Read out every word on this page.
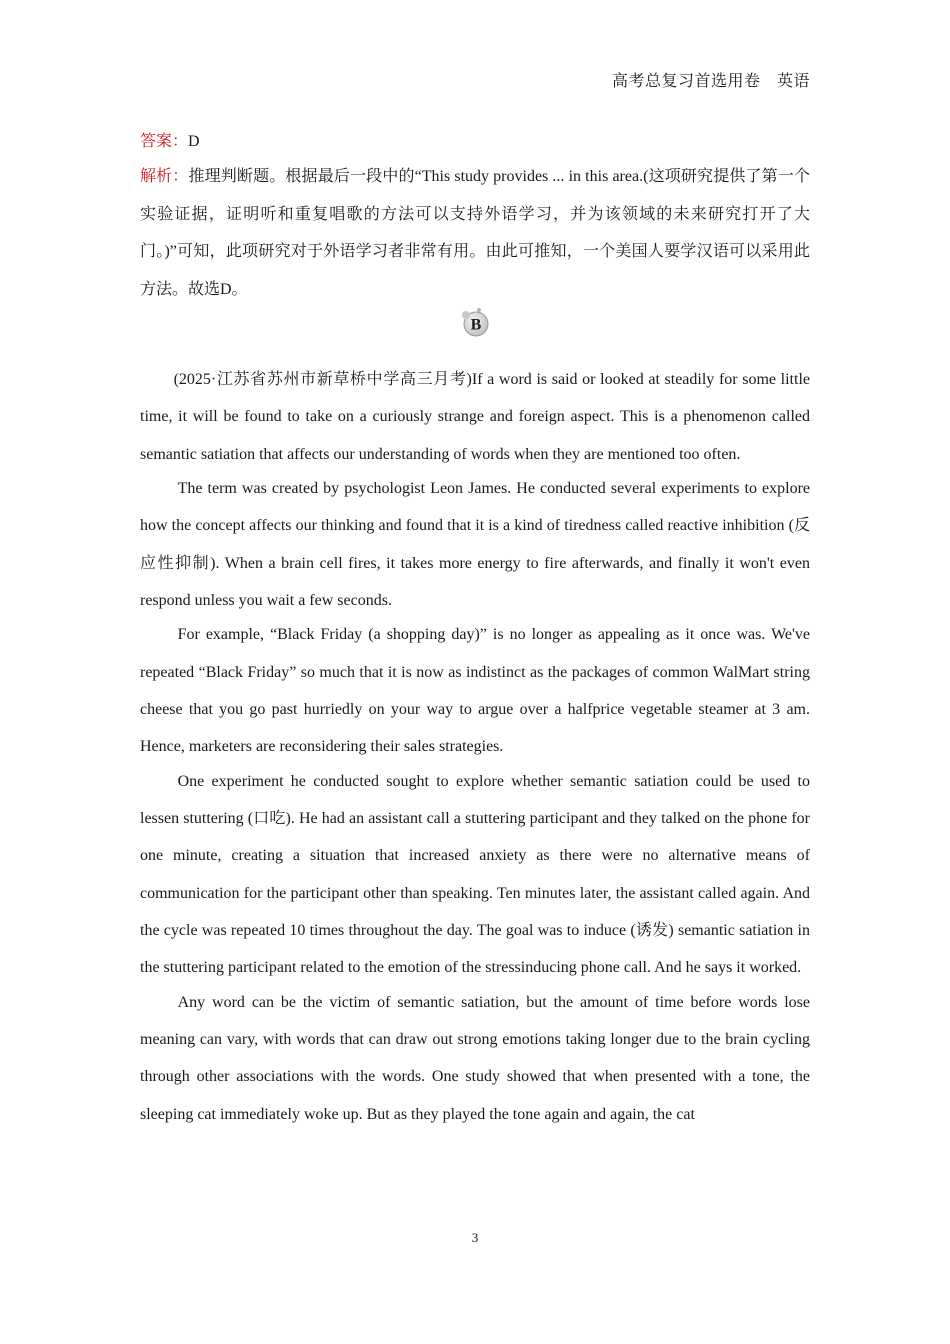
高考总复习首选用卷　英语
答案：D
解析：推理判断题。根据最后一段中的“This study provides ... in this area.(这项研究提供了第一个实验证据，证明听和重复唱歌的方法可以支持外语学习，并为该领域的未来研究打开了大门。)”可知，此项研究对于外语学习者非常有用。由此可推知，一个美国人要学汉语可以采用此方法。故选D。
B

(2025·江苏省苏州市新草桥中学高三月考)If a word is said or looked at steadily for some little time, it will be found to take on a curiously strange and foreign aspect. This is a phenomenon called semantic satiation that affects our understanding of words when they are mentioned too often.

The term was created by psychologist Leon James. He conducted several experiments to explore how the concept affects our thinking and found that it is a kind of tiredness called reactive inhibition (反应性抑制). When a brain cell fires, it takes more energy to fire afterwards, and finally it won't even respond unless you wait a few seconds.

For example, “Black Friday (a shopping day)” is no longer as appealing as it once was. We've repeated “Black Friday” so much that it is now as indistinct as the packages of common WalMart string cheese that you go past hurriedly on your way to argue over a halfprice vegetable steamer at 3 am. Hence, marketers are reconsidering their sales strategies.

One experiment he conducted sought to explore whether semantic satiation could be used to lessen stuttering (口吃). He had an assistant call a stuttering participant and they talked on the phone for one minute, creating a situation that increased anxiety as there were no alternative means of communication for the participant other than speaking. Ten minutes later, the assistant called again. And the cycle was repeated 10 times throughout the day. The goal was to induce (诱发) semantic satiation in the stuttering participant related to the emotion of the stressinducing phone call. And he says it worked.

Any word can be the victim of semantic satiation, but the amount of time before words lose meaning can vary, with words that can draw out strong emotions taking longer due to the brain cycling through other associations with the words. One study showed that when presented with a tone, the sleeping cat immediately woke up. But as they played the tone again and again, the cat

3
